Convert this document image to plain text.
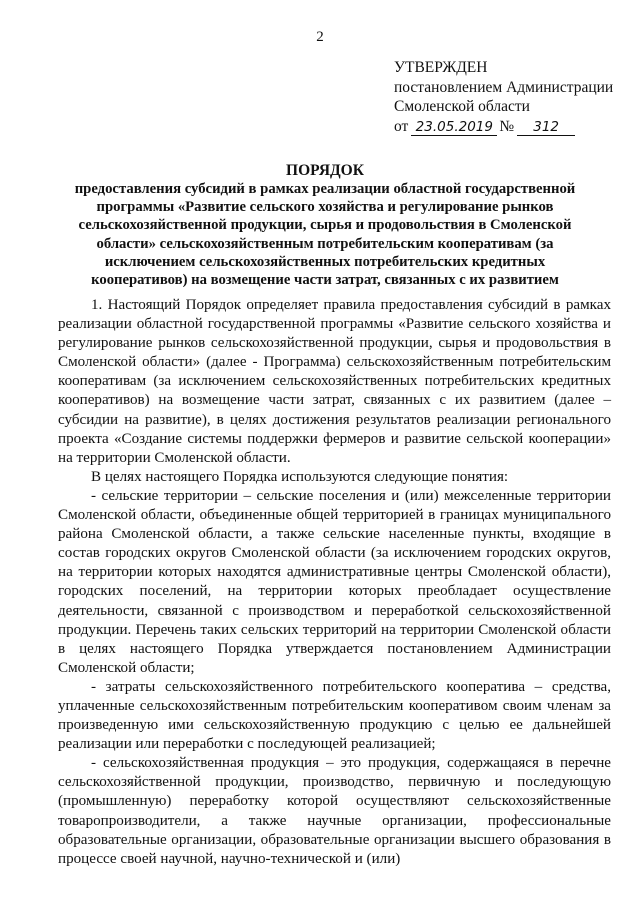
2
УТВЕРЖДЕН
постановлением Администрации
Смоленской области
от 23.05.2019 № 312
ПОРЯДОК
предоставления субсидий в рамках реализации областной государственной программы «Развитие сельского хозяйства и регулирование рынков сельскохозяйственной продукции, сырья и продовольствия в Смоленской области» сельскохозяйственным потребительским кооперативам (за исключением сельскохозяйственных потребительских кредитных кооперативов) на возмещение части затрат, связанных с их развитием

1. Настоящий Порядок определяет правила предоставления субсидий в рамках реализации областной государственной программы «Развитие сельского хозяйства и регулирование рынков сельскохозяйственной продукции, сырья и продовольствия в Смоленской области» (далее - Программа) сельскохозяйственным потребительским кооперативам (за исключением сельскохозяйственных потребительских кредитных кооперативов) на возмещение части затрат, связанных с их развитием (далее – субсидии на развитие), в целях достижения результатов реализации регионального проекта «Создание системы поддержки фермеров и развитие сельской кооперации» на территории Смоленской области.

В целях настоящего Порядка используются следующие понятия:

- сельские территории – сельские поселения и (или) межселенные территории Смоленской области, объединенные общей территорией в границах муниципального района Смоленской области, а также сельские населенные пункты, входящие в состав городских округов Смоленской области (за исключением городских округов, на территории которых находятся административные центры Смоленской области), городских поселений, на территории которых преобладает осуществление деятельности, связанной с производством и переработкой сельскохозяйственной продукции. Перечень таких сельских территорий на территории Смоленской области в целях настоящего Порядка утверждается постановлением Администрации Смоленской области;

- затраты сельскохозяйственного потребительского кооператива – средства, уплаченные сельскохозяйственным потребительским кооперативом своим членам за произведенную ими сельскохозяйственную продукцию с целью ее дальнейшей реализации или переработки с последующей реализацией;

- сельскохозяйственная продукция – это продукция, содержащаяся в перечне сельскохозяйственной продукции, производство, первичную и последующую (промышленную) переработку которой осуществляют сельскохозяйственные товаропроизводители, а также научные организации, профессиональные образовательные организации, образовательные организации высшего образования в процессе своей научной, научно-технической и (или)
